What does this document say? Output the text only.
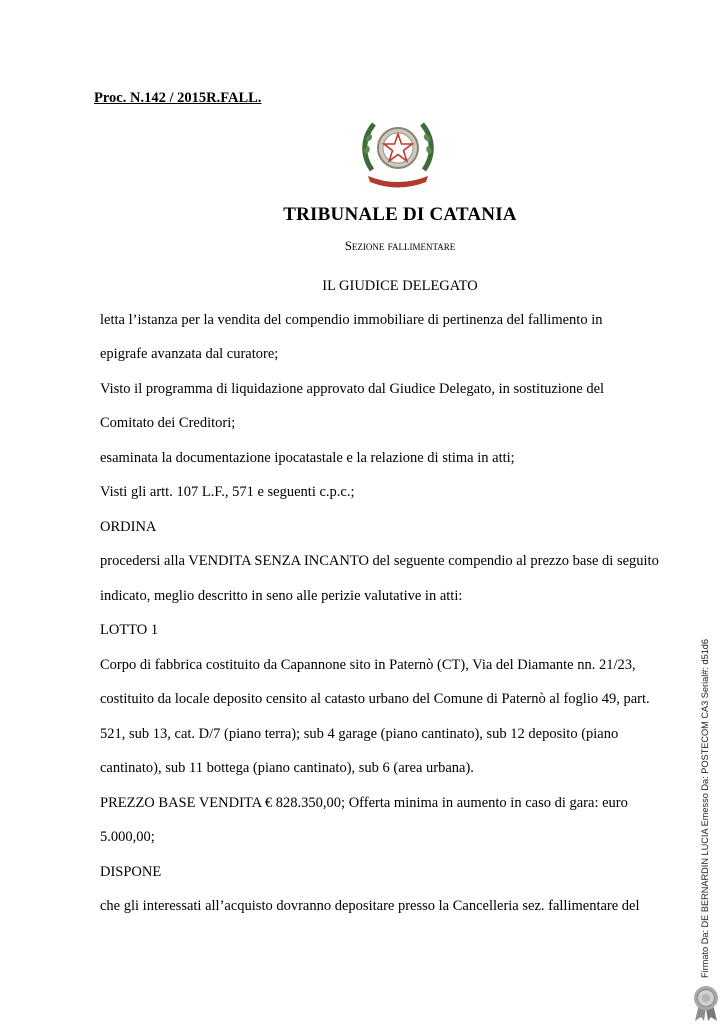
Proc. N.142 / 2015R.FALL.
TRIBUNALE DI CATANIA
Sezione fallimentare
IL GIUDICE DELEGATO
letta l’istanza per la vendita del compendio immobiliare di pertinenza del fallimento in
epigrafe avanzata dal curatore;
Visto il programma di liquidazione approvato dal Giudice Delegato, in sostituzione del
Comitato dei Creditori;
esaminata la documentazione ipocatastale e la relazione di stima in atti;
Visti gli artt. 107 L.F., 571 e seguenti c.p.c.;
ORDINA
procedersi alla VENDITA SENZA INCANTO del seguente compendio al prezzo base di seguito
indicato, meglio descritto in seno alle perizie valutative in atti:
LOTTO 1
Corpo di fabbrica costituito da Capannone sito in Paternò (CT), Via del Diamante nn. 21/23,
costituito da locale deposito censito al catasto urbano del Comune di Paternò al foglio 49, part.
521, sub 13, cat. D/7 (piano terra); sub 4 garage (piano cantinato), sub 12 deposito (piano
cantinato), sub 11 bottega (piano cantinato), sub 6 (area urbana).
PREZZO BASE VENDITA € 828.350,00; Offerta minima in aumento in caso di gara: euro
5.000,00;
DISPONE
che gli interessati all’acquisto dovranno depositare presso la Cancelleria sez. fallimentare del	Firmato Da: DE BERNARDIN LUCIA Emesso Da: POSTECOM CA3 Serial#: d51d6
